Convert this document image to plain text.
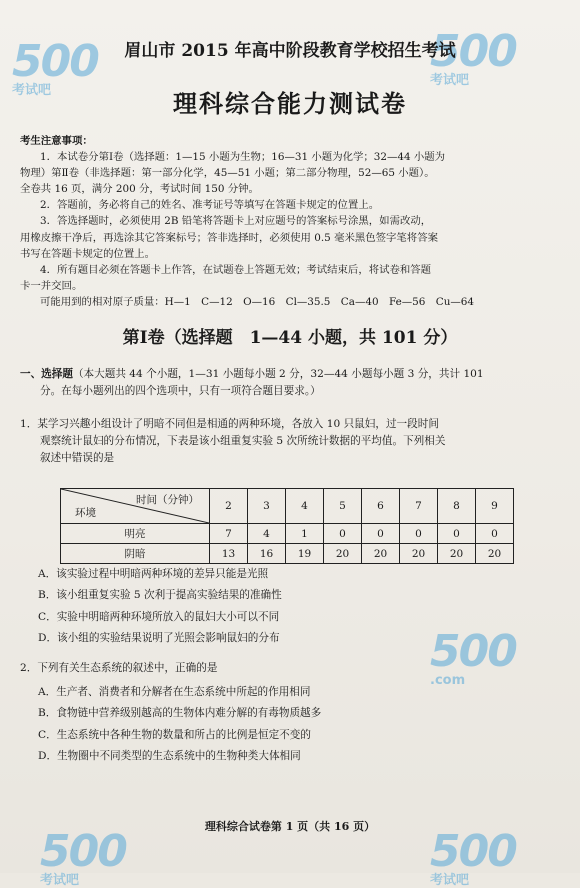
500
考试吧
500
考试吧
500
.com
500
考试吧
500
考试吧
眉山市 2015 年高中阶段教育学校招生考试
理科综合能力测试卷

考生注意事项：

1．本试卷分第Ⅰ卷（选择题：1—15 小题为生物；16—31 小题为化学；32—44 小题为

物理）第Ⅱ卷（非选择题：第一部分化学，45—51 小题；第二部分物理，52—65 小题）。

全卷共 16 页，满分 200 分，考试时间 150 分钟。

2．答题前，务必将自己的姓名、准考证号等填写在答题卡规定的位置上。

3．答选择题时，必须使用 2B 铅笔将答题卡上对应题号的答案标号涂黑，如需改动，

用橡皮擦干净后，再选涂其它答案标号；答非选择时，必须使用 0.5 毫米黑色签字笔将答案

书写在答题卡规定的位置上。

4．所有题目必须在答题卡上作答，在试题卷上答题无效；考试结束后，将试卷和答题

卡一并交回。

可能用到的相对原子质量：H—1　C—12　O—16　Cl—35.5　Ca—40　Fe—56　Cu—64

第Ⅰ卷（选择题　1—44 小题，共 101 分）

一、选择题（本大题共 44 个小题，1—31 小题每小题 2 分，32—44 小题每小题 3 分，共计 101

分。在每小题列出的四个选项中，只有一项符合题目要求。）

1．某学习兴趣小组设计了明暗不同但是相通的两种环境，各放入 10 只鼠妇，过一段时间

观察统计鼠妇的分布情况，下表是该小组重复实验 5 次所统计数据的平均值。下列相关

叙述中错误的是

时间（分钟）
环境	2	3	4	5	6	7	8	9
明亮	7	4	1	0	0	0	0	0
阴暗	13	16	19	20	20	20	20	20

A．该实验过程中明暗两种环境的差异只能是光照

B．该小组重复实验 5 次利于提高实验结果的准确性

C．实验中明暗两种环境所放入的鼠妇大小可以不同

D．该小组的实验结果说明了光照会影响鼠妇的分布

2．下列有关生态系统的叙述中，正确的是

A．生产者、消费者和分解者在生态系统中所起的作用相同

B．食物链中营养级别越高的生物体内难分解的有毒物质越多

C．生态系统中各种生物的数量和所占的比例是恒定不变的

D．生物圈中不同类型的生态系统中的生物种类大体相同

理科综合试卷第 1 页（共 16 页）
